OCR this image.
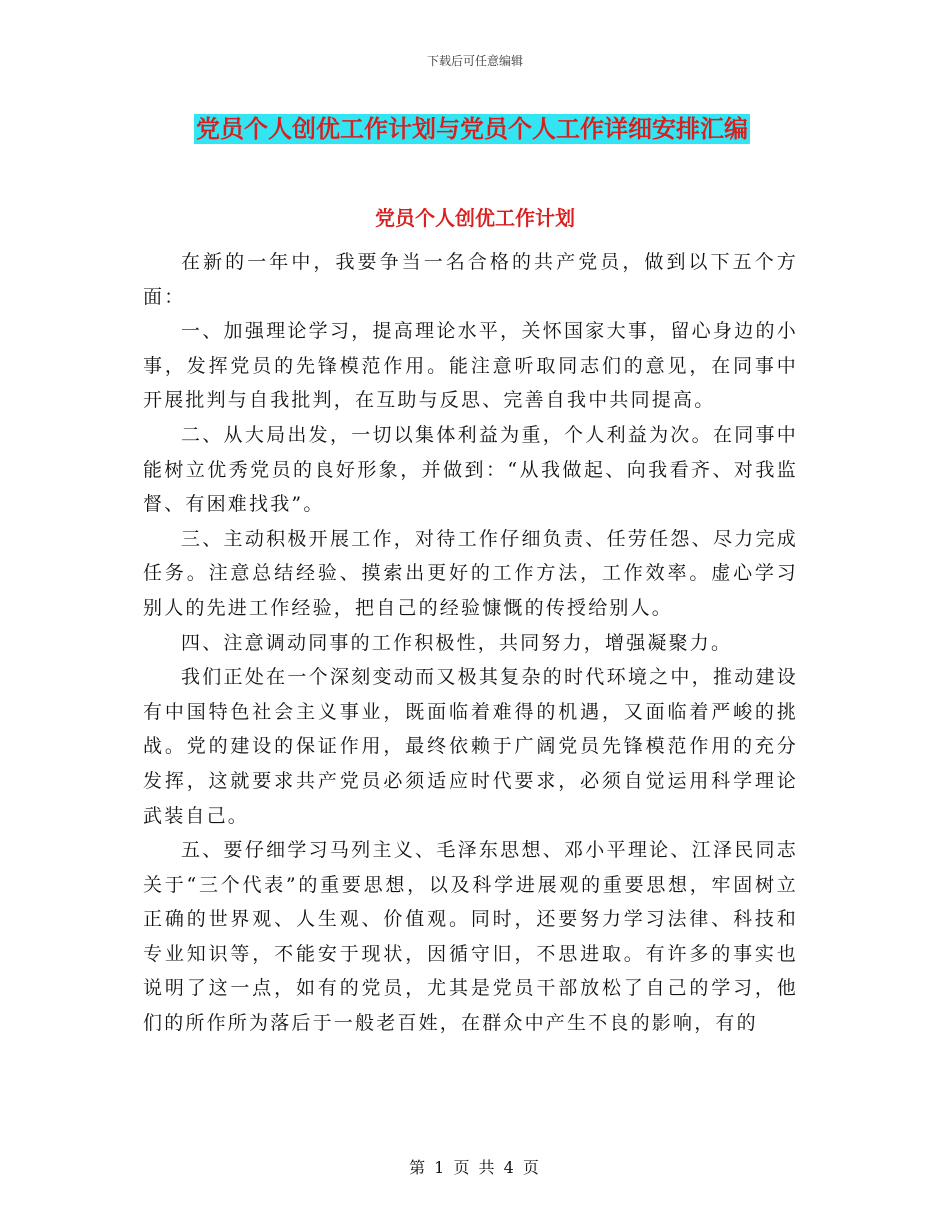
下载后可任意编辑
党员个人创优工作计划与党员个人工作详细安排汇编
党员个人创优工作计划

在新的一年中，我要争当一名合格的共产党员，做到以下五个方面：

一、加强理论学习，提高理论水平，关怀国家大事，留心身边的小事，发挥党员的先锋模范作用。能注意听取同志们的意见，在同事中开展批判与自我批判，在互助与反思、完善自我中共同提高。

二、从大局出发，一切以集体利益为重，个人利益为次。在同事中能树立优秀党员的良好形象，并做到：“从我做起、向我看齐、对我监督、有困难找我”。

三、主动积极开展工作，对待工作仔细负责、任劳任怨、尽力完成任务。注意总结经验、摸索出更好的工作方法，工作效率。虚心学习别人的先进工作经验，把自己的经验慷慨的传授给别人。

四、注意调动同事的工作积极性，共同努力，增强凝聚力。

我们正处在一个深刻变动而又极其复杂的时代环境之中，推动建设有中国特色社会主义事业，既面临着难得的机遇，又面临着严峻的挑战。党的建设的保证作用，最终依赖于广阔党员先锋模范作用的充分发挥，这就要求共产党员必须适应时代要求，必须自觉运用科学理论武装自己。

五、要仔细学习马列主义、毛泽东思想、邓小平理论、江泽民同志关于“三个代表”的重要思想，以及科学进展观的重要思想，牢固树立正确的世界观、人生观、价值观。同时，还要努力学习法律、科技和专业知识等，不能安于现状，因循守旧，不思进取。有许多的事实也说明了这一点，如有的党员，尤其是党员干部放松了自己的学习，他们的所作所为落后于一般老百姓，在群众中产生不良的影响，有的

第 1 页 共 4 页
